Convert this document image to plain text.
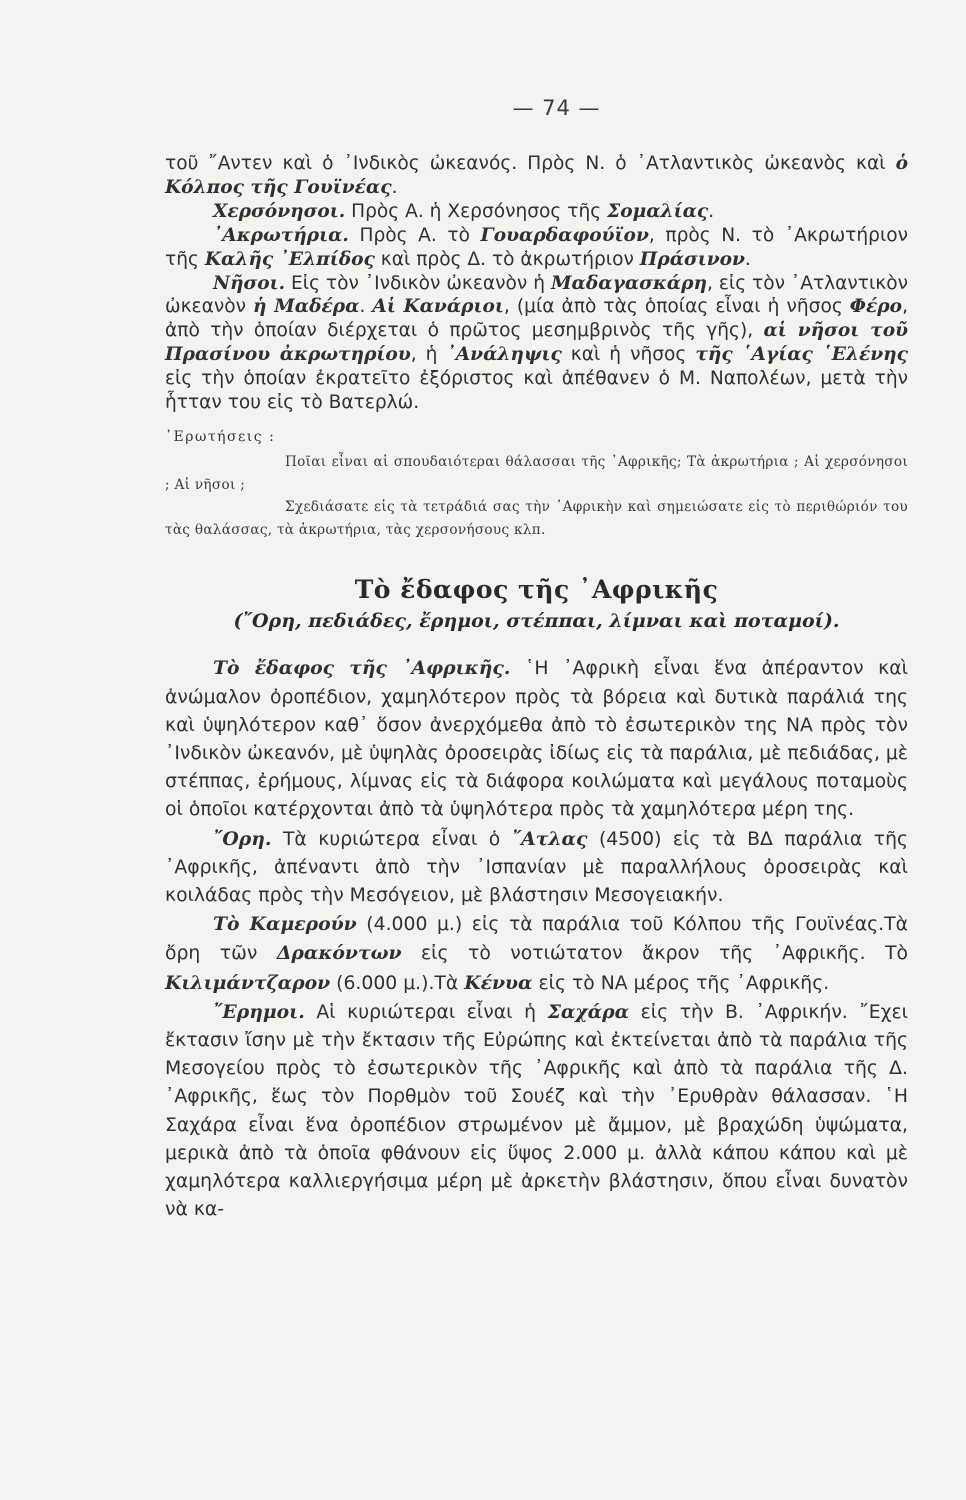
— 74 —

τοῦ ῎Αντεν καὶ ὁ ᾿Ινδικὸς ὠκεανός. Πρὸς Ν. ὁ ᾿Ατλαντικὸς ὠκεανὸς καὶ ὁ Κόλπος τῆς Γουϊνέας.

Χερσόνησοι. Πρὸς Α. ἡ Χερσόνησος τῆς Σομαλίας.

᾿Ακρωτήρια. Πρὸς Α. τὸ Γουαρδαφούϊον, πρὸς Ν. τὸ ᾿Ακρωτήριον τῆς Καλῆς ᾿Ελπίδος καὶ πρὸς Δ. τὸ ἀκρωτήριον Πράσινον.

Νῆσοι. Εἰς τὸν ᾿Ινδικὸν ὠκεανὸν ἡ Μαδαγασκάρη, εἰς τὸν ᾿Ατλαντικὸν ὠκεανὸν ἡ Μαδέρα. Αἱ Κανάριοι, (μία ἀπὸ τὰς ὁποίας εἶναι ἡ νῆσος Φέρο, ἀπὸ τὴν ὁποίαν διέρχεται ὁ πρῶτος μεσημβρινὸς τῆς γῆς), αἱ νῆσοι τοῦ Πρασίνου ἀκρωτηρίου, ἡ ᾿Ανάληψις καὶ ἡ νῆσος τῆς ῾Αγίας ῾Ελένης εἰς τὴν ὁποίαν ἐκρατεῖτο ἐξόριστος καὶ ἀπέθανεν ὁ Μ. Ναπολέων, μετὰ τὴν ἧτταν του εἰς τὸ Βατερλώ.

᾿Ερωτήσεις :

Ποῖαι εἶναι αἱ σπουδαιότεραι θάλασσαι τῆς ᾿Αφρικῆς; Τὰ ἀκρωτήρια ; Αἱ χερσόνησοι ; Αἱ νῆσοι ;

Σχεδιάσατε εἰς τὰ τετράδιά σας τὴν ᾿Αφρικὴν καὶ σημειώσατε εἰς τὸ περιθώριόν του τὰς θαλάσσας, τὰ ἀκρωτήρια, τὰς χερσονήσους κλπ.

Τὸ ἔδαφος τῆς ᾿Αφρικῆς
(῎Ορη, πεδιάδες, ἔρημοι, στέππαι, λίμναι καὶ ποταμοί).

Τὸ ἔδαφος τῆς ᾿Αφρικῆς. ῾Η ᾿Αφρικὴ εἶναι ἕνα ἀπέραντον καὶ ἀνώμαλον ὀροπέδιον, χαμηλότερον πρὸς τὰ βόρεια καὶ δυτικὰ παράλιά της καὶ ὑψηλότερον καθ᾿ ὅσον ἀνερχόμεθα ἀπὸ τὸ ἐσωτερικὸν της ΝΑ πρὸς τὸν ᾿Ινδικὸν ὠκεανόν, μὲ ὑψηλὰς ὀροσειρὰς ἰδίως εἰς τὰ παράλια, μὲ πεδιάδας, μὲ στέππας, ἐρήμους, λίμνας εἰς τὰ διάφορα κοιλώματα καὶ μεγάλους ποταμοὺς οἱ ὁποῖοι κατέρχονται ἀπὸ τὰ ὑψηλότερα πρὸς τὰ χαμηλότερα μέρη της.

῎Ορη. Τὰ κυριώτερα εἶναι ὁ ῎Ατλας (4500) εἰς τὰ ΒΔ παράλια τῆς ᾿Αφρικῆς, ἀπέναντι ἀπὸ τὴν ᾿Ισπανίαν μὲ παραλλήλους ὀροσειρὰς καὶ κοιλάδας πρὸς τὴν Μεσόγειον, μὲ βλάστησιν Μεσογειακήν.

Τὸ Καμερούν (4.000 μ.) εἰς τὰ παράλια τοῦ Κόλπου τῆς Γουϊνέας.Τὰ ὄρη τῶν Δρακόντων εἰς τὸ νοτιώτατον ἄκρον τῆς ᾿Αφρικῆς. Τὸ Κιλιμάντζαρον (6.000 μ.).Τὰ Κένυα εἰς τὸ ΝΑ μέρος τῆς ᾿Αφρικῆς.

῎Ερημοι. Αἱ κυριώτεραι εἶναι ἡ Σαχάρα εἰς τὴν Β. ᾿Αφρικήν. ῎Εχει ἔκτασιν ἴσην μὲ τὴν ἔκτασιν τῆς Εὐρώπης καὶ ἐκτείνεται ἀπὸ τὰ παράλια τῆς Μεσογείου πρὸς τὸ ἐσωτερικὸν τῆς ᾿Αφρικῆς καὶ ἀπὸ τὰ παράλια τῆς Δ. ᾿Αφρικῆς, ἕως τὸν Πορθμὸν τοῦ Σουέζ καὶ τὴν ᾿Ερυθρὰν θάλασσαν. ῾Η Σαχάρα εἶναι ἕνα ὀροπέδιον στρωμένον μὲ ἄμμον, μὲ βραχώδη ὑψώματα, μερικὰ ἀπὸ τὰ ὁποῖα φθάνουν εἰς ὕψος 2.000 μ. ἀλλὰ κάπου κάπου καὶ μὲ χαμηλότερα καλλιεργήσιμα μέρη μὲ ἀρκετὴν βλάστησιν, ὅπου εἶναι δυνατὸν νὰ κα-
